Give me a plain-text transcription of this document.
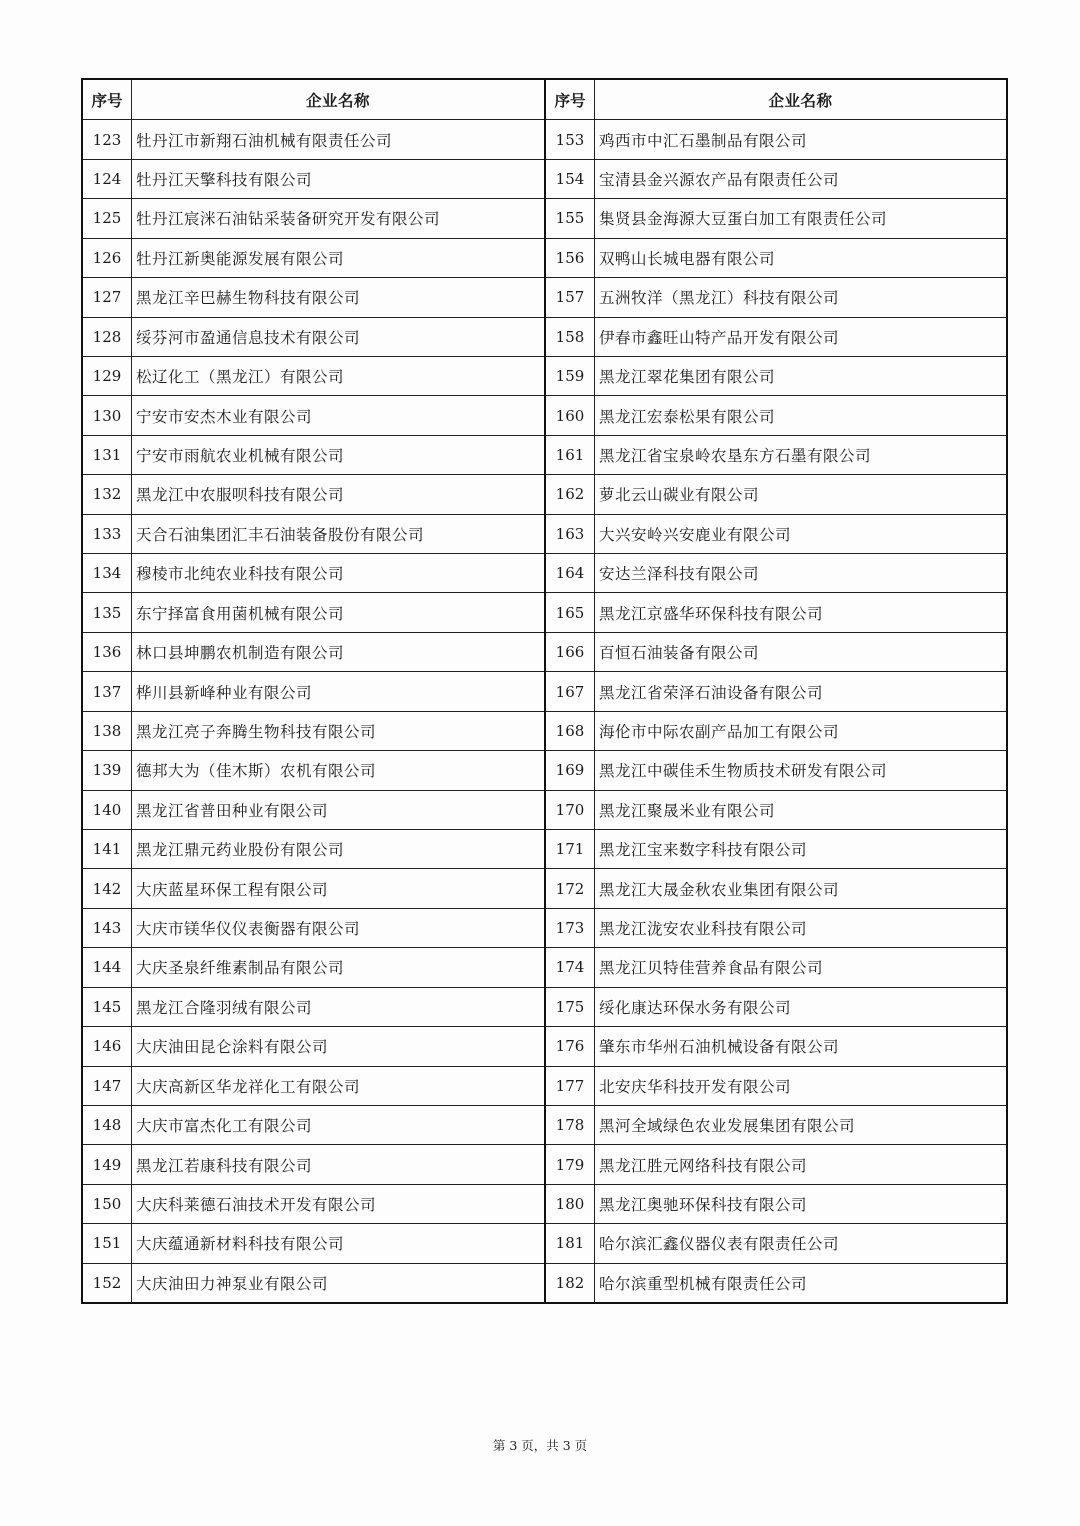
序号	企业名称
123 牡丹江市新翔石油机械有限责任公司
124 牡丹江天擎科技有限公司
125 牡丹江宸洣石油钻采装备研究开发有限公司
126 牡丹江新奥能源发展有限公司
127 黑龙江辛巴赫生物科技有限公司
128 绥芬河市盈通信息技术有限公司
129 松辽化工（黑龙江）有限公司
130 宁安市安杰木业有限公司
131 宁安市雨航农业机械有限公司
132 黑龙江中农服呗科技有限公司
133 天合石油集团汇丰石油装备股份有限公司
134 穆棱市北纯农业科技有限公司
135 东宁择富食用菌机械有限公司
136 林口县坤鹏农机制造有限公司
137 桦川县新峰种业有限公司
138 黑龙江亮子奔腾生物科技有限公司
139 德邦大为（佳木斯）农机有限公司
140 黑龙江省普田种业有限公司
141 黑龙江鼎元药业股份有限公司
142 大庆蓝星环保工程有限公司
143 大庆市镁华仪仪表衡器有限公司
144 大庆圣泉纤维素制品有限公司
145 黑龙江合隆羽绒有限公司
146 大庆油田昆仑涂料有限公司
147 大庆高新区华龙祥化工有限公司
148 大庆市富杰化工有限公司
149 黑龙江若康科技有限公司
150 大庆科莱德石油技术开发有限公司
151 大庆蕴通新材料科技有限公司
152 大庆油田力神泵业有限公司
序号	企业名称
153 鸡西市中汇石墨制品有限公司
154 宝清县金兴源农产品有限责任公司
155 集贤县金海源大豆蛋白加工有限责任公司
156 双鸭山长城电器有限公司
157 五洲牧洋（黑龙江）科技有限公司
158 伊春市鑫旺山特产品开发有限公司
159 黑龙江翠花集团有限公司
160 黑龙江宏泰松果有限公司
161 黑龙江省宝泉岭农垦东方石墨有限公司
162 萝北云山碳业有限公司
163 大兴安岭兴安鹿业有限公司
164 安达兰泽科技有限公司
165 黑龙江京盛华环保科技有限公司
166 百恒石油装备有限公司
167 黑龙江省荣泽石油设备有限公司
168 海伦市中际农副产品加工有限公司
169 黑龙江中碳佳禾生物质技术研发有限公司
170 黑龙江聚晟米业有限公司
171 黑龙江宝来数字科技有限公司
172 黑龙江大晟金秋农业集团有限公司
173 黑龙江泷安农业科技有限公司
174 黑龙江贝特佳营养食品有限公司
175 绥化康达环保水务有限公司
176 肇东市华州石油机械设备有限公司
177 北安庆华科技开发有限公司
178 黑河全域绿色农业发展集团有限公司
179 黑龙江胜元网络科技有限公司
180 黑龙江奥驰环保科技有限公司
181 哈尔滨汇鑫仪器仪表有限责任公司
182 哈尔滨重型机械有限责任公司
第 3 页，共 3 页
